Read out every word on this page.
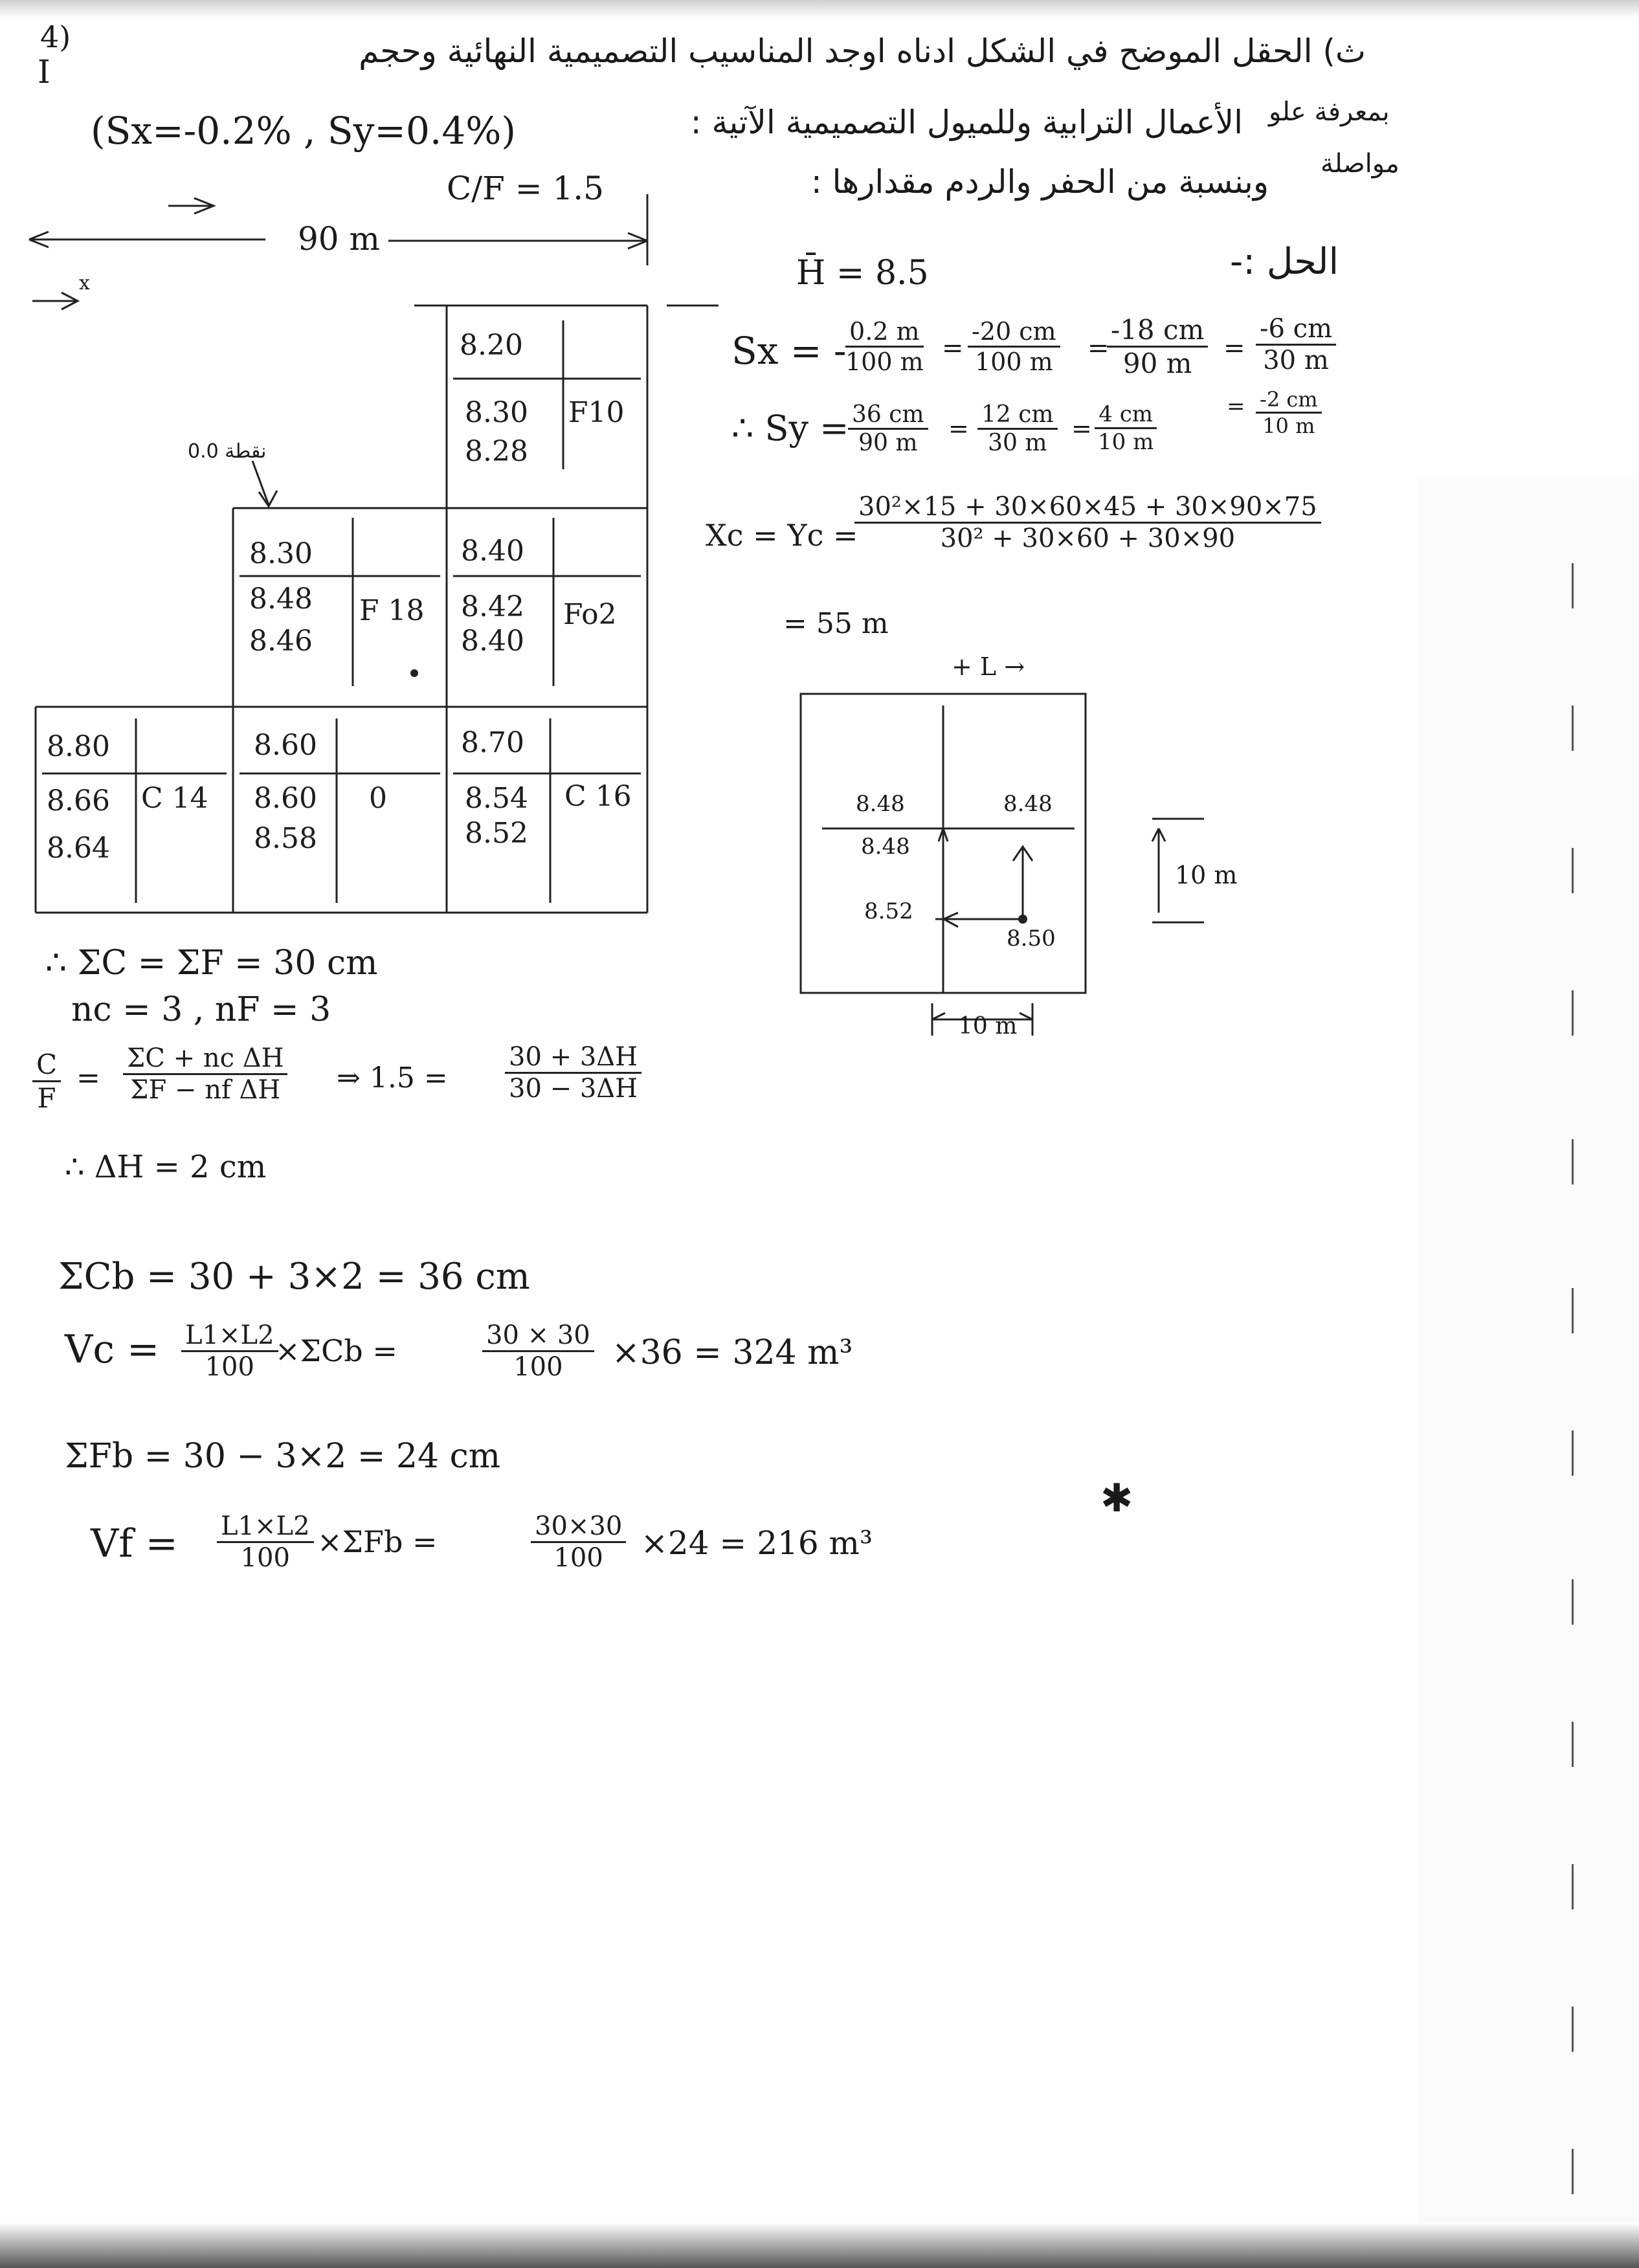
4)
I
ث) الحقل الموضح في الشكل ادناه اوجد المناسيب التصميمية النهائية وحجم
الأعمال الترابية وللميول التصميمية الآتية : بمعرفة علو
مواصلة
(Sx=-0.2% , Sy=0.4%)
وبنسبة من الحفر والردم مقدارها :
C/F = 1.5
الحل :-
8.20
8.30
8.28
F10
8.30
8.48
8.46
F 18
8.40
8.42
8.40
Fo2
8.80
8.66
8.64
C 14
8.60
8.60
8.58
0
8.70
8.54
8.52
C 16
نقطة 0.0
90 m
x	H̄ = 8.5
Sx = -
$\frac{0.2 m}{100 m} = \frac{-20 cm}{100 m}$ =
$\frac{-18 cm}{90 m} = \frac{-6 cm}{30 m}$
= $\frac{-2 cm}{10 m}$
∴ Sy =
$\frac{36 cm}{90 m} = \frac{12 cm}{30 m} = \frac{4 cm}{10 m}$
Xc = Yc =
$\frac{\text{30²×15 + 30×60×45 + 30×90×75}}{\text{30² + 30×60 + 30×90}}$
= 55 m
+ L →
8.48	8.48
8.48
8.52
8.50
10 m
10 m
∴ ΣC = ΣF = 30 cm
nc = 3 , nF = 3
$\frac{C}{F} = \frac{\text{ΣC + nc ΔH}}{\text{ΣF − nf ΔH}}$ ⇒ $1.5 = \frac{30 + 3\Delta H}{30 - 3\Delta H}$
∴ ΔH = 2 cm
ΣCb = 30 + 3×2 = 36 cm
$Vc = \frac{L1\times L2}{100}$
×ΣCb =	$\frac{30 \times 30}{100} \times 36 = 324$ m³
ΣFb = 30 − 3×2 = 24 cm
$Vf = \frac{L1\times L2}{100} \times\Sigma Fb$ =	$\frac{30\times 30}{100} \times 24 = 216$ m³
✱
